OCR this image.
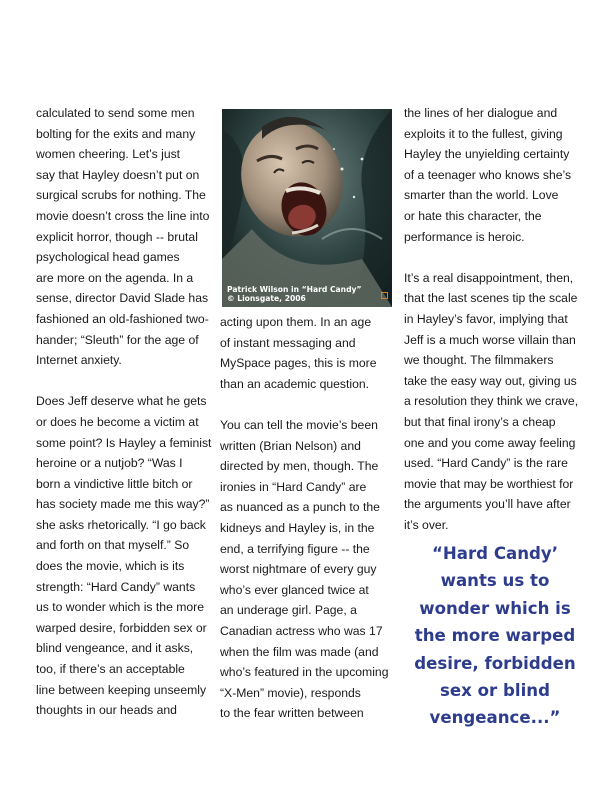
calculated to send some men
bolting for the exits and many
women cheering. Let’s just
say that Hayley doesn’t put on
surgical scrubs for nothing. The
movie doesn’t cross the line into
explicit horror, though -- brutal
psychological head games
are more on the agenda. In a
sense, director David Slade has
fashioned an old-fashioned two-
hander; “Sleuth” for the age of
Internet anxiety.

Does Jeff deserve what he gets
or does he become a victim at
some point? Is Hayley a feminist
heroine or a nutjob? “Was I
born a vindictive little bitch or
has society made me this way?”
she asks rhetorically. “I go back
and forth on that myself.” So
does the movie, which is its
strength: “Hard Candy” wants
us to wonder which is the more
warped desire, forbidden sex or
blind vengeance, and it asks,
too, if there’s an acceptable
line between keeping unseemly
thoughts in our heads and

Patrick Wilson in “Hard Candy”
© Lionsgate, 2006

acting upon them. In an age
of instant messaging and
MySpace pages, this is more
than an academic question.

You can tell the movie’s been
written (Brian Nelson) and
directed by men, though. The
ironies in “Hard Candy” are
as nuanced as a punch to the
kidneys and Hayley is, in the
end, a terrifying figure -- the
worst nightmare of every guy
who’s ever glanced twice at
an underage girl. Page, a
Canadian actress who was 17
when the film was made (and
who’s featured in the upcoming
“X-Men” movie), responds
to the fear written between

the lines of her dialogue and
exploits it to the fullest, giving
Hayley the unyielding certainty
of a teenager who knows she’s
smarter than the world. Love
or hate this character, the
performance is heroic.

It’s a real disappointment, then,
that the last scenes tip the scale
in Hayley’s favor, implying that
Jeff is a much worse villain than
we thought. The filmmakers
take the easy way out, giving us
a resolution they think we crave,
but that final irony’s a cheap
one and you come away feeling
used. “Hard Candy” is the rare
movie that may be worthiest for
the arguments you’ll have after
it’s over.

“Hard Candy’
wants us to
wonder which is
the more warped
desire, forbidden
sex or blind
vengeance...”
